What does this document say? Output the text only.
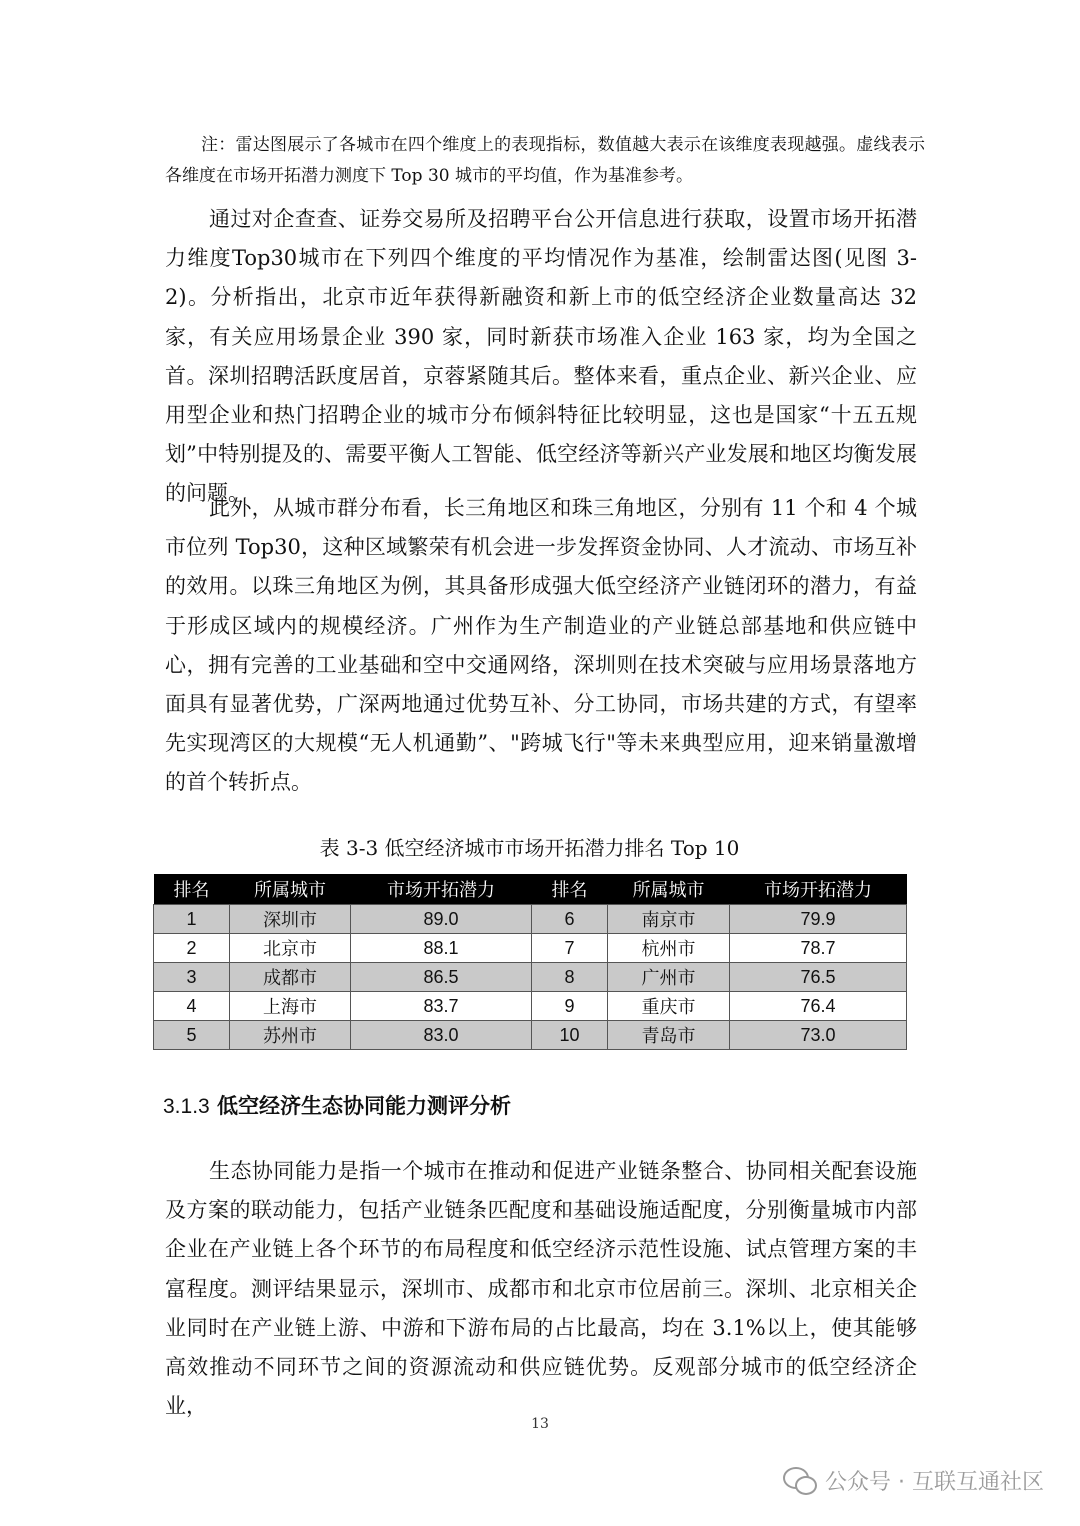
注：雷达图展示了各城市在四个维度上的表现指标，数值越大表示在该维度表现越强。虚线表示各维度在市场开拓潜力测度下 Top 30 城市的平均值，作为基准参考。

通过对企查查、证券交易所及招聘平台公开信息进行获取，设置市场开拓潜力维度Top30城市在下列四个维度的平均情况作为基准，绘制雷达图(见图 3-2)。分析指出，北京市近年获得新融资和新上市的低空经济企业数量高达 32 家，有关应用场景企业 390 家，同时新获市场准入企业 163 家，均为全国之首。深圳招聘活跃度居首，京蓉紧随其后。整体来看，重点企业、新兴企业、应用型企业和热门招聘企业的城市分布倾斜特征比较明显，这也是国家“十五五规划”中特别提及的、需要平衡人工智能、低空经济等新兴产业发展和地区均衡发展的问题。

此外，从城市群分布看，长三角地区和珠三角地区，分别有 11 个和 4 个城市位列 Top30，这种区域繁荣有机会进一步发挥资金协同、人才流动、市场互补的效用。以珠三角地区为例，其具备形成强大低空经济产业链闭环的潜力，有益于形成区域内的规模经济。广州作为生产制造业的产业链总部基地和供应链中心，拥有完善的工业基础和空中交通网络，深圳则在技术突破与应用场景落地方面具有显著优势，广深两地通过优势互补、分工协同，市场共建的方式，有望率先实现湾区的大规模“无人机通勤”、"跨城飞行"等未来典型应用，迎来销量激增的首个转折点。

表 3-3 低空经济城市市场开拓潜力排名 Top 10

排名	所属城市	市场开拓潜力	排名	所属城市	市场开拓潜力
1	深圳市	89.0	6	南京市	79.9
2	北京市	88.1	7	杭州市	78.7
3	成都市	86.5	8	广州市	76.5
4	上海市	83.7	9	重庆市	76.4
5	苏州市	83.0	10	青岛市	73.0
3.1.3 低空经济生态协同能力测评分析

生态协同能力是指一个城市在推动和促进产业链条整合、协同相关配套设施及方案的联动能力，包括产业链条匹配度和基础设施适配度，分别衡量城市内部企业在产业链上各个环节的布局程度和低空经济示范性设施、试点管理方案的丰富程度。测评结果显示，深圳市、成都市和北京市位居前三。深圳、北京相关企业同时在产业链上游、中游和下游布局的占比最高，均在 3.1%以上，使其能够高效推动不同环节之间的资源流动和供应链优势。反观部分城市的低空经济企业，

13

公众号 · 互联互通社区
